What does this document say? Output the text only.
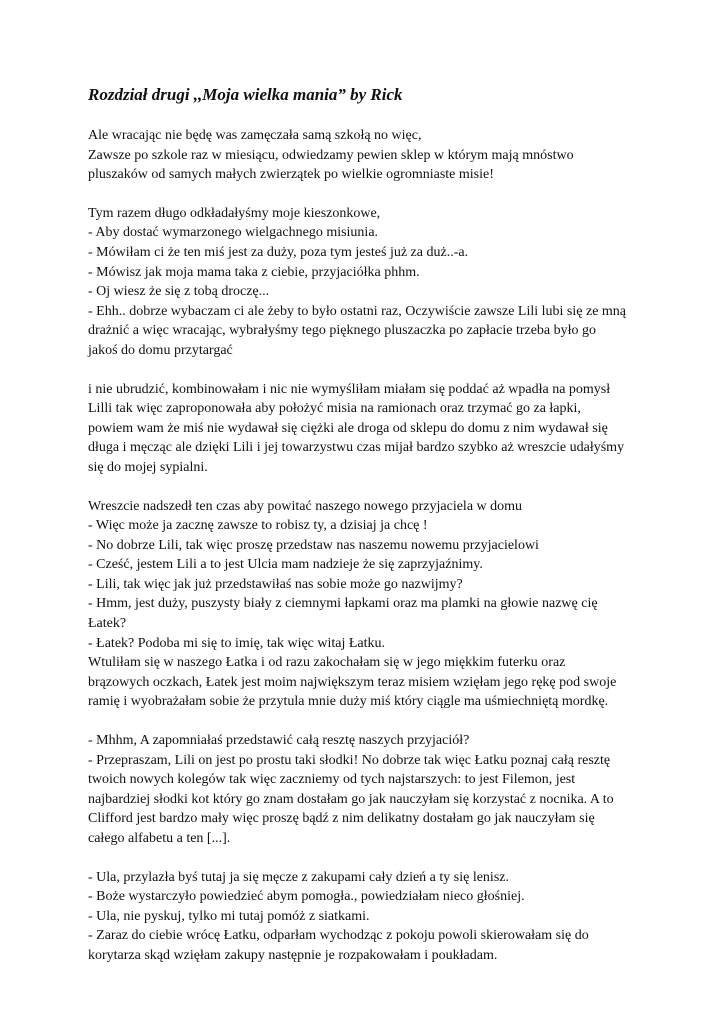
Rozdział drugi ,,Moja wielka mania” by Rick
Ale wracając nie będę was zamęczała samą szkołą no więc,
Zawsze po szkole raz w miesiącu, odwiedzamy pewien sklep w którym mają mnóstwo
pluszaków od samych małych zwierzątek po wielkie ogromniaste misie!
Tym razem długo odkładałyśmy moje kieszonkowe,
- Aby dostać wymarzonego wielgachnego misiunia.
- Mówiłam ci że ten miś jest za duży, poza tym jesteś już za duż..-a.
- Mówisz jak moja mama taka z ciebie, przyjaciółka phhm.
- Oj wiesz że się z tobą droczę...
- Ehh.. dobrze wybaczam ci ale żeby to było ostatni raz, Oczywiście zawsze Lili lubi się ze mną
drażnić a więc wracając, wybrałyśmy tego pięknego pluszaczka po zapłacie trzeba było go
jakoś do domu przytargać
i nie ubrudzić, kombinowałam i nic nie wymyśliłam miałam się poddać aż wpadła na pomysł
Lilli tak więc zaproponowała aby położyć misia na ramionach oraz trzymać go za łapki,
powiem wam że miś nie wydawał się ciężki ale droga od sklepu do domu z nim wydawał się
długa i męcząc ale dzięki Lili i jej towarzystwu czas mijał bardzo szybko aż wreszcie udałyśmy
się do mojej sypialni.
Wreszcie nadszedł ten czas aby powitać naszego nowego przyjaciela w domu
- Więc może ja zacznę zawsze to robisz ty, a dzisiaj ja chcę !
- No dobrze Lili, tak więc proszę przedstaw nas naszemu nowemu przyjacielowi
- Cześć, jestem Lili a to jest Ulcia mam nadzieje że się zaprzyjaźnimy.
- Lili, tak więc jak już przedstawiłaś nas sobie może go nazwijmy?
- Hmm, jest duży, puszysty biały z ciemnymi łapkami oraz ma plamki na głowie nazwę cię
Łatek?
- Łatek? Podoba mi się to imię, tak więc witaj Łatku.
Wtuliłam się w naszego Łatka i od razu zakochałam się w jego miękkim futerku oraz
brązowych oczkach, Łatek jest moim największym teraz misiem wzięłam jego rękę pod swoje
ramię i wyobrażałam sobie że przytula mnie duży miś który ciągle ma uśmiechniętą mordkę.
- Mhhm, A zapomniałaś przedstawić całą resztę naszych przyjaciół?
- Przepraszam, Lili on jest po prostu taki słodki! No dobrze tak więc Łatku poznaj całą resztę
twoich nowych kolegów tak więc zaczniemy od tych najstarszych: to jest Filemon, jest
najbardziej słodki kot który go znam dostałam go jak nauczyłam się korzystać z nocnika. A to
Clifford jest bardzo mały więc proszę bądź z nim delikatny dostałam go jak nauczyłam się
całego alfabetu a ten [...].
- Ula, przylazła byś tutaj ja się męcze z zakupami cały dzień a ty się lenisz.
- Boże wystarczyło powiedzieć abym pomogła., powiedziałam nieco głośniej.
- Ula, nie pyskuj, tylko mi tutaj pomóż z siatkami.
- Zaraz do ciebie wrócę Łatku, odparłam wychodząc z pokoju powoli skierowałam się do
korytarza skąd wzięłam zakupy następnie je rozpakowałam i poukładam.
